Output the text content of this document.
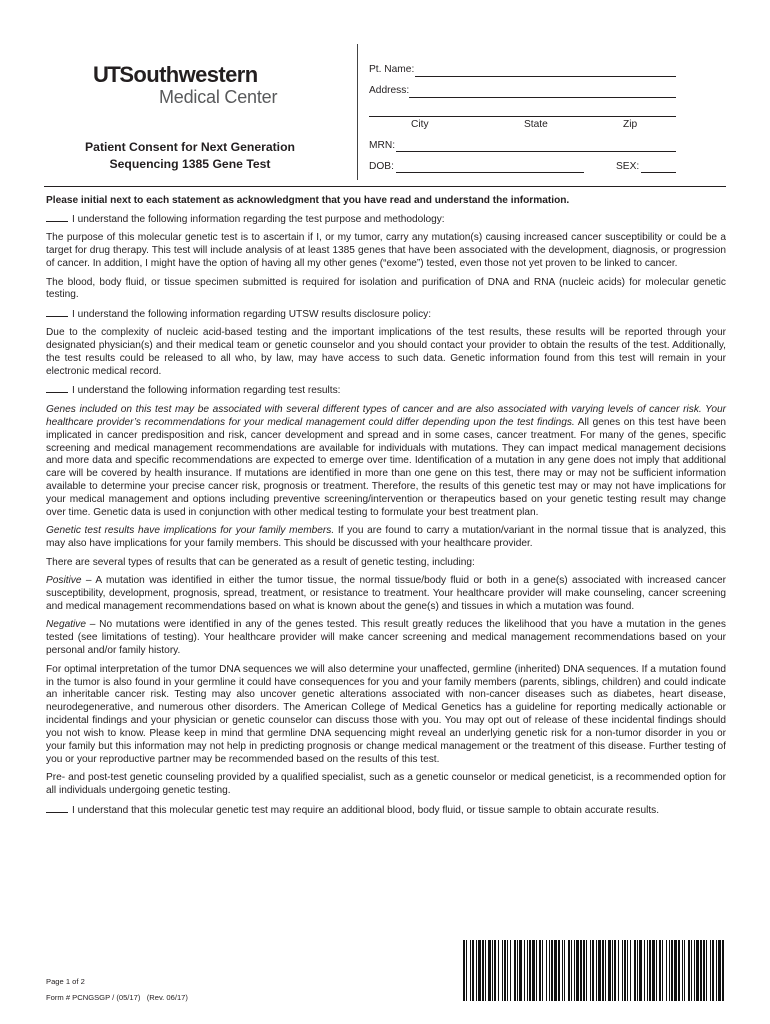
UTSouthwestern
Medical Center
Patient Consent for Next Generation
Sequencing 1385 Gene Test
Pt. Name:
Address:
City	State	Zip
MRN:
DOB:	SEX:

Please initial next to each statement as acknowledgment that you have read and understand the information.

I understand the following information regarding the test purpose and methodology:

The purpose of this molecular genetic test is to ascertain if I, or my tumor, carry any mutation(s) causing increased cancer susceptibility or could be a target for drug therapy. This test will include analysis of at least 1385 genes that have been associated with the development, diagnosis, or progression of cancer. In addition, I might have the option of having all my other genes (“exome”) tested, even those not yet proven to be linked to cancer.

The blood, body fluid, or tissue specimen submitted is required for isolation and purification of DNA and RNA (nucleic acids) for molecular genetic testing.

I understand the following information regarding UTSW results disclosure policy:

Due to the complexity of nucleic acid-based testing and the important implications of the test results, these results will be reported through your designated physician(s) and their medical team or genetic counselor and you should contact your provider to obtain the results of the test. Additionally, the test results could be released to all who, by law, may have access to such data. Genetic information found from this test will remain in your electronic medical record.

I understand the following information regarding test results:

Genes included on this test may be associated with several different types of cancer and are also associated with varying levels of cancer risk. Your healthcare provider’s recommendations for your medical management could differ depending upon the test findings. All genes on this test have been implicated in cancer predisposition and risk, cancer development and spread and in some cases, cancer treatment. For many of the genes, specific screening and medical management recommendations are available for individuals with mutations. They can impact medical management decisions and more data and specific recommendations are expected to emerge over time. Identification of a mutation in any gene does not imply that additional care will be covered by health insurance. If mutations are identified in more than one gene on this test, there may or may not be sufficient information available to determine your precise cancer risk, prognosis or treatment. Therefore, the results of this genetic test may or may not have implications for your medical management and options including preventive screening/intervention or therapeutics based on your genetic testing result may change over time. Genetic data is used in conjunction with other medical testing to formulate your best treatment plan.

Genetic test results have implications for your family members. If you are found to carry a mutation/variant in the normal tissue that is analyzed, this may also have implications for your family members. This should be discussed with your healthcare provider.

There are several types of results that can be generated as a result of genetic testing, including:

Positive – A mutation was identified in either the tumor tissue, the normal tissue/body fluid or both in a gene(s) associated with increased cancer susceptibility, development, prognosis, spread, treatment, or resistance to treatment. Your healthcare provider will make counseling, cancer screening and medical management recommendations based on what is known about the gene(s) and tissues in which a mutation was found.

Negative – No mutations were identified in any of the genes tested. This result greatly reduces the likelihood that you have a mutation in the genes tested (see limitations of testing). Your healthcare provider will make cancer screening and medical management recommendations based on your personal and/or family history.

For optimal interpretation of the tumor DNA sequences we will also determine your unaffected, germline (inherited) DNA sequences. If a mutation found in the tumor is also found in your germline it could have consequences for you and your family members (parents, siblings, children) and could indicate an inheritable cancer risk. Testing may also uncover genetic alterations associated with non-cancer diseases such as diabetes, heart disease, neurodegenerative, and numerous other disorders. The American College of Medical Genetics has a guideline for reporting medically actionable or incidental findings and your physician or genetic counselor can discuss those with you. You may opt out of release of these incidental findings should you not wish to know. Please keep in mind that germline DNA sequencing might reveal an underlying genetic risk for a non-tumor disorder in you or your family but this information may not help in predicting prognosis or change medical management or the treatment of this disease. Further testing of you or your reproductive partner may be recommended based on the results of this test.

Pre- and post-test genetic counseling provided by a qualified specialist, such as a genetic counselor or medical geneticist, is a recommended option for all individuals undergoing genetic testing.

I understand that this molecular genetic test may require an additional blood, body fluid, or tissue sample to obtain accurate results.

Page 1 of 2
Form # PCNGSGP / (05/17)   (Rev. 06/17)
